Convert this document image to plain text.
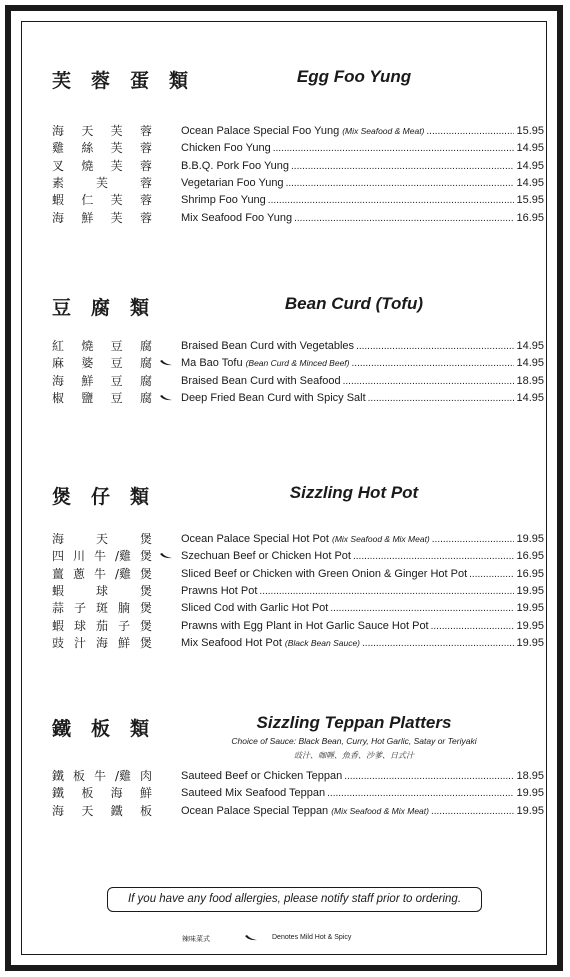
芙蓉蛋類	Egg Foo Yung
海 天 芙 蓉	Ocean Palace Special Foo Yung (Mix Seafood & Meat) .....	15.95
雞 絲 芙 蓉	Chicken Foo Yung .....	14.95
叉 燒 芙 蓉	B.B.Q. Pork Foo Yung .....	14.95
素	芙	蓉	Vegetarian Foo Yung .....	14.95
蝦 仁 芙 蓉	Shrimp Foo Yung .....	15.95
海 鮮 芙 蓉	Mix Seafood Foo Yung .....	16.95
豆腐類	Bean Curd (Tofu)
紅 燒 豆 腐	Braised Bean Curd with Vegetables .....	14.95
麻 婆 豆 腐	Ma Bao Tofu (Bean Curd & Minced Beef) .....	14.95
海 鮮 豆 腐	Braised Bean Curd with Seafood .....	18.95
椒 鹽 豆 腐	Deep Fried Bean Curd with Spicy Salt .....	14.95
煲仔類	Sizzling Hot Pot
海	天	煲	Ocean Palace Special Hot Pot (Mix Seafood & Mix Meat) .....	19.95
四 川 牛 /雞 煲	Szechuan Beef or Chicken Hot Pot .....	16.95
薑 蔥 牛 /雞 煲	Sliced Beef or Chicken with Green Onion & Ginger Hot Pot .....	16.95
蝦	球	煲	Prawns Hot Pot .....	19.95
蒜 子 斑 腩 煲	Sliced Cod with Garlic Hot Pot .....	19.95
蝦 球 茄 子 煲	Prawns with Egg Plant in Hot Garlic Sauce Hot Pot .....	19.95
豉 汁 海 鮮 煲	Mix Seafood Hot Pot (Black Bean Sauce) .....	19.95
鐵板類	Sizzling Teppan Platters
Choice of Sauce: Black Bean, Curry, Hot Garlic, Satay or Teriyaki
豉汁、咖喱、魚香、沙爹、日式汁
鐵 板 牛 /雞 肉	Sauteed Beef or Chicken Teppan .....	18.95
鐵 板 海 鮮	Sauteed Mix Seafood Teppan .....	19.95
海 天 鐵 板	Ocean Palace Special Teppan (Mix Seafood & Mix Meat) .....	19.95
If you have any food allergies, please notify staff prior to ordering.
辣味菜式	Denotes Mild Hot & Spicy
